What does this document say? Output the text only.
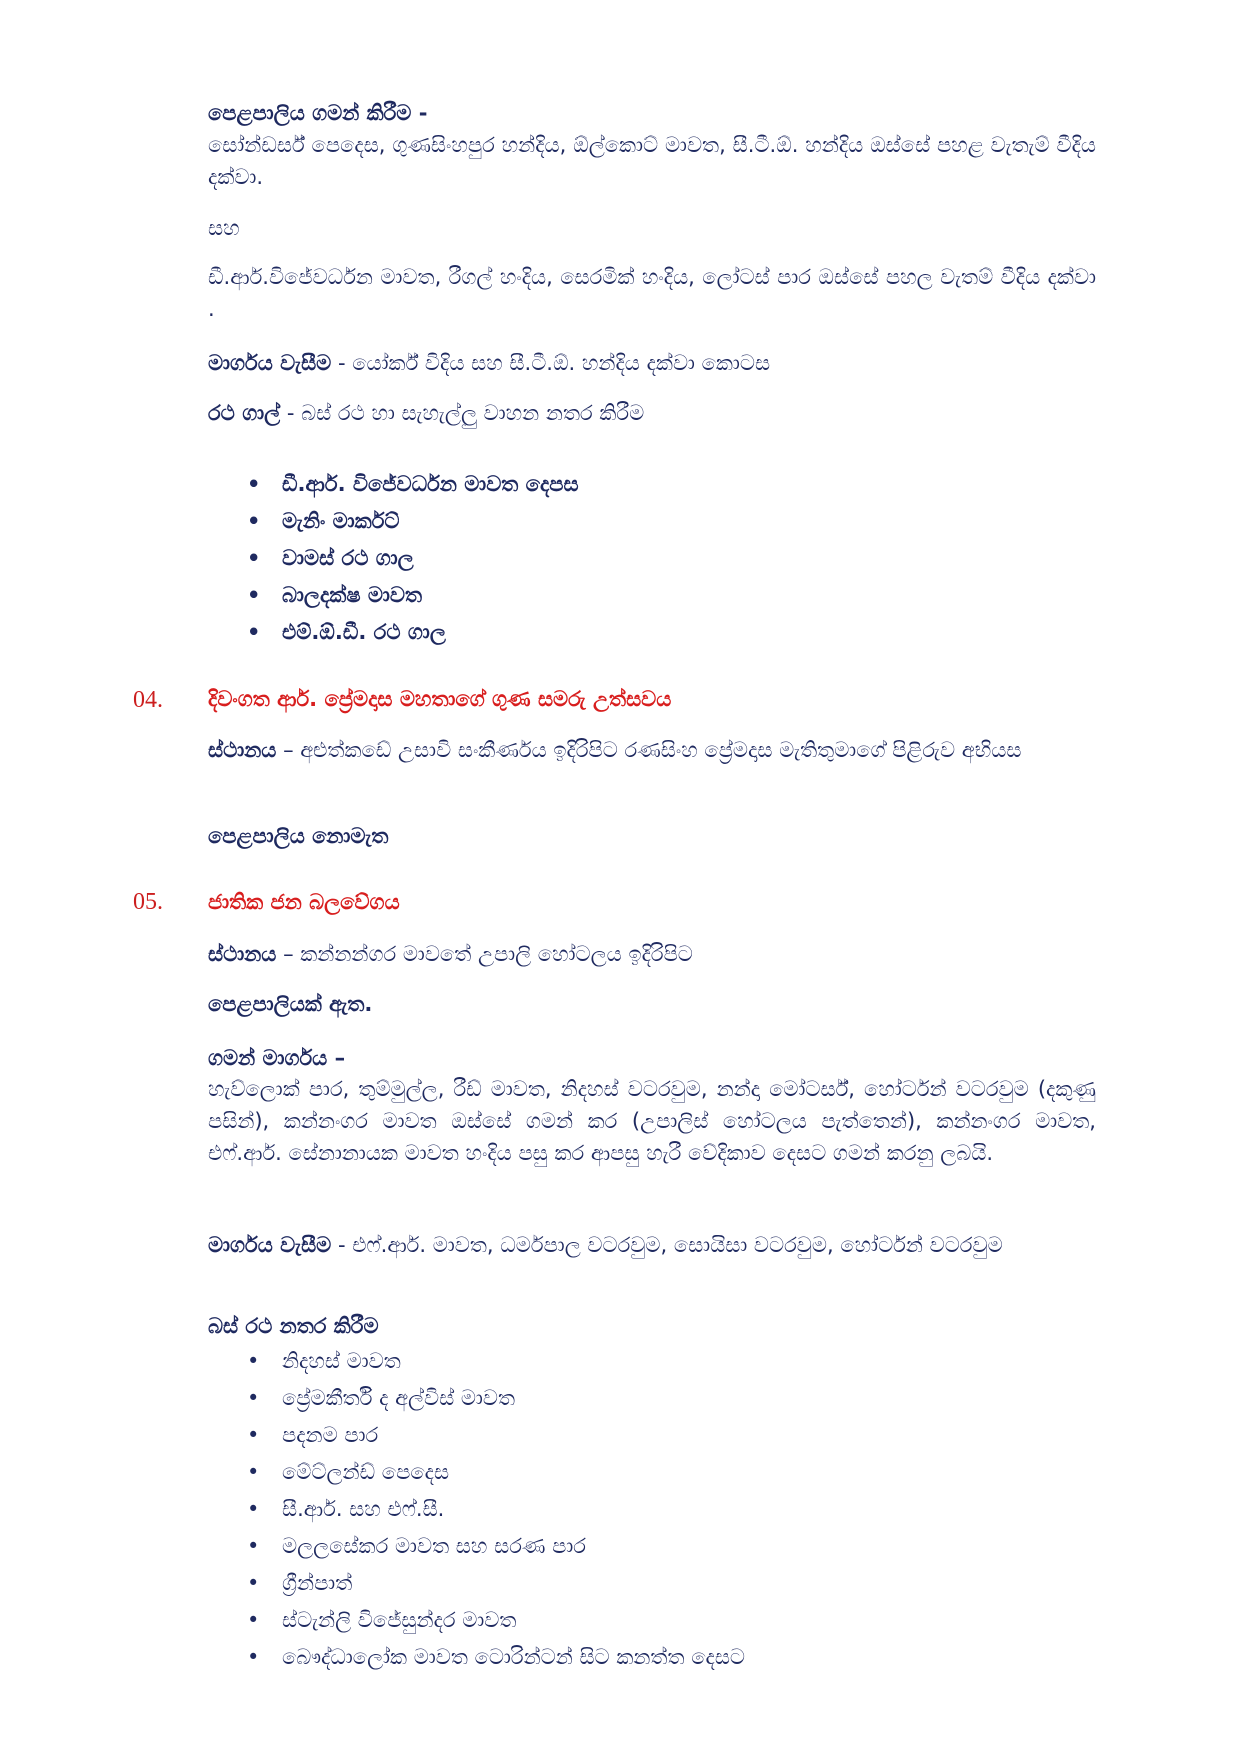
පෙළපාලිය ගමන් කිරීම -

සෝන්ඩර්ස් පෙදෙස, ගුණසිංහපුර හන්දිය, ඕල්කොට් මාවත, සී.ටී.ඕ. හන්දිය ඔස්සේ පහළ වැතැම් වීදිය දක්වා.

සහ

ඩී.ආර්.විජේවර්ධන මාවත, රීගල් හංදිය, සෙරමික් හංදිය, ලෝටස් පාර ඔස්සේ පහල වැතම් වීදිය දක්වා .

මාර්ගය වැසීම - යෝර්ක් විදිය සහ සී.ටී.ඕ. හන්දිය දක්වා කොටස

රථ ගාල් - බස් රථ හා සැහැල්ලු වාහන නතර කිරීම

• ඩී.ආර්. විජේවර්ධන මාවත දෙපස
• මැනිං මාර්කට්
• වාමස් රථ ගාල
• බාලදක්ෂ මාවත
• එම්.ඕ.ඩී. රථ ගාල

04. දිවංගත ආර්. ප්‍රේමදාස මහතාගේ ගුණ සමරු උත්සවය

ස්ථානය – අළුත්කඩේ උසාවි සංකීර්ණය ඉදිරිපිට රණසිංහ ප්‍රේමදාස මැතිතුමාගේ පිළිරුව අභියස

පෙළපාලිය නොමැත

05. ජාතික ජන බලවේගය

ස්ථානය – කන්නන්ගර මාවතේ උපාලි හෝටලය ඉදිරිපිට

පෙළපාලියක් ඇත.

ගමන් මාර්ගය –

හැව්ලොක් පාර, තුම්මුල්ල, රීඩ් මාවත, නිදහස් වටරවුම, නන්දා මෝටර්ස්, හෝර්ටන් වටරවුම (දකුණු පසින්), කන්නංගර මාවත ඔස්සේ ගමන් කර (උපාලිස් හෝටලය පැත්තෙන්), කන්නංගර මාවත, එෆ්.ආර්. සේනානායක මාවත හංදිය පසු කර ආපසු හැරී වේදිකාව දෙසට ගමන් කරනු ලබයි.

මාර්ගය වැසීම - එෆ්.ආර්. මාවත, ධර්මපාල වටරවුම, සොයිසා වටරවුම, හෝර්ටන් වටරවුම

බස් රථ නතර කිරීම

• නිදහස් මාවත
• ප්‍රේමකීර්ති ද අල්විස් මාවත
• පදනම පාර
• මේට්ලන්ඩ් පෙදෙස
• සී.ආර්. සහ එෆ්.සී.
• මලලසේකර මාවත සහ සරණ පාර
• ග්‍රීන්පාත්
• ස්ටැන්ලි විජේසුන්දර මාවත
• බෞද්ධාලෝක මාවත ටොරින්ටන් සිට කනත්ත දෙසට
